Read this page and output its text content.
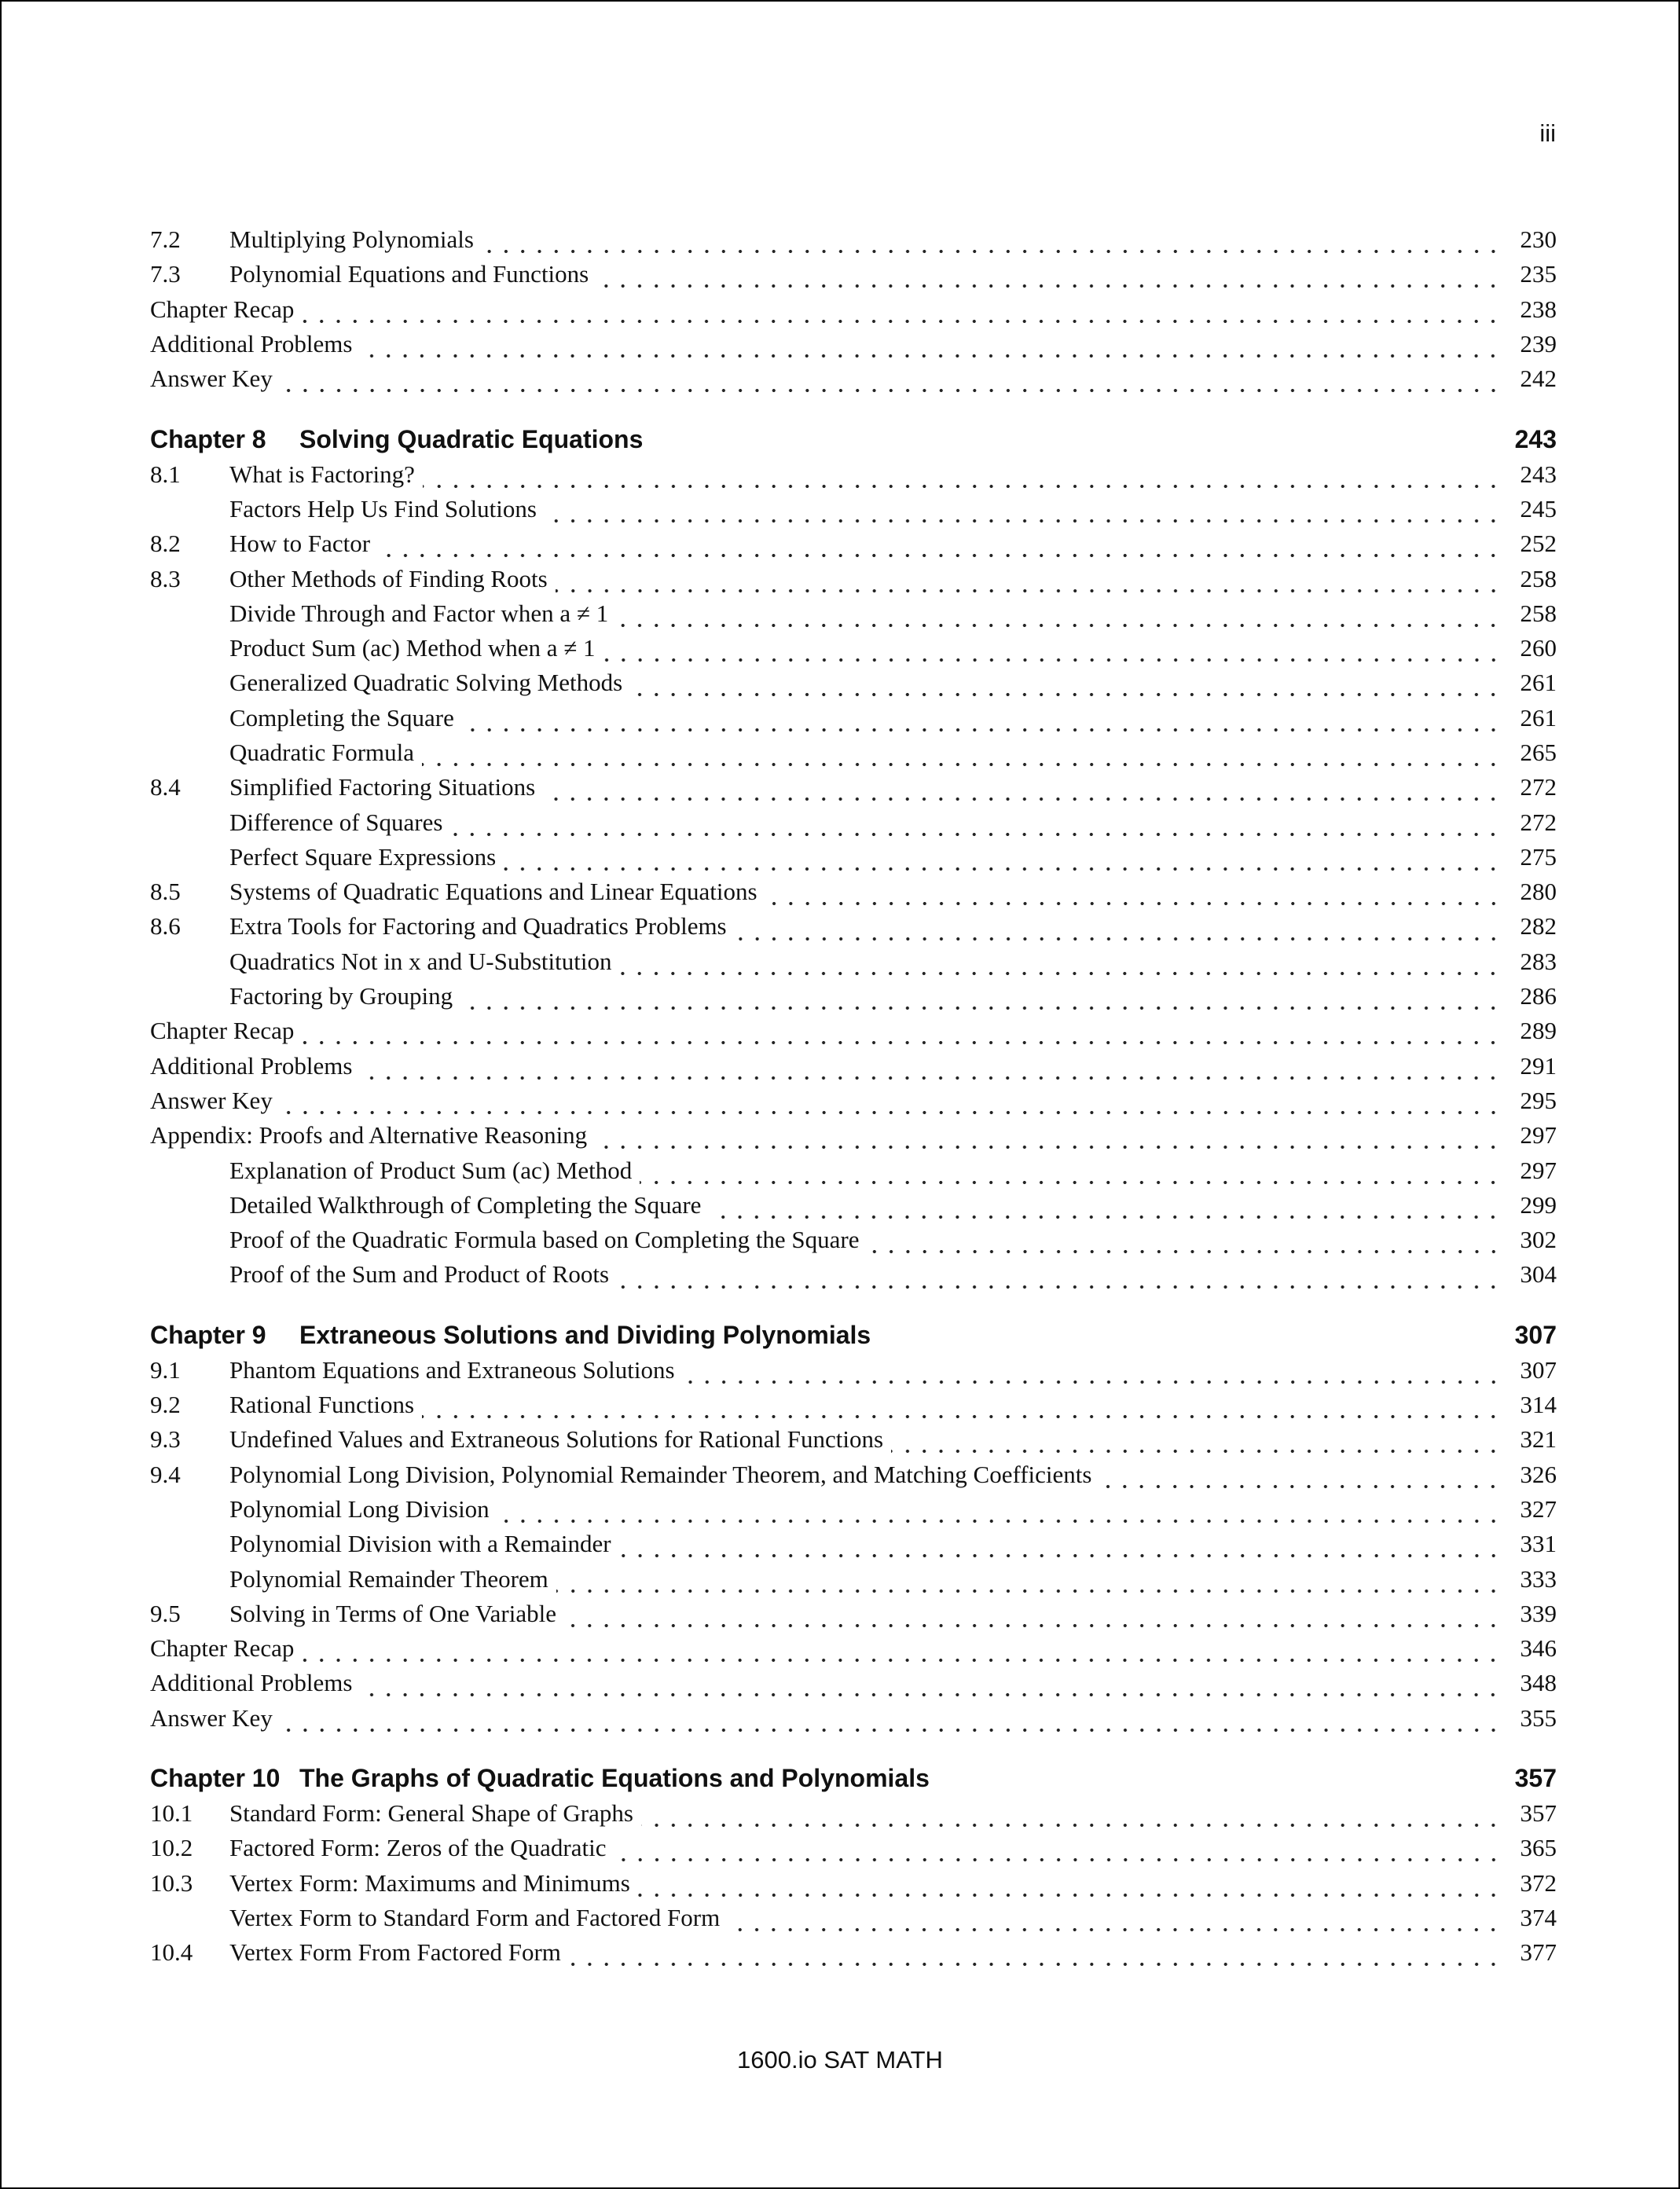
iii
7.2 Multiplying Polynomials	230
7.3 Polynomial Equations and Functions	235
Chapter Recap	238
Additional Problems	239
Answer Key	242
Chapter 8 Solving Quadratic Equations	243
8.1 What is Factoring?	243
Factors Help Us Find Solutions	245
8.2 How to Factor	252
8.3 Other Methods of Finding Roots	258
Divide Through and Factor when a ≠ 1	258
Product Sum (ac) Method when a ≠ 1	260
Generalized Quadratic Solving Methods	261
Completing the Square	261
Quadratic Formula	265
8.4 Simplified Factoring Situations	272
Difference of Squares	272
Perfect Square Expressions	275
8.5 Systems of Quadratic Equations and Linear Equations	280
8.6 Extra Tools for Factoring and Quadratics Problems	282
Quadratics Not in x and U-Substitution	283
Factoring by Grouping	286
Chapter Recap	289
Additional Problems	291
Answer Key	295
Appendix: Proofs and Alternative Reasoning	297
Explanation of Product Sum (ac) Method	297
Detailed Walkthrough of Completing the Square	299
Proof of the Quadratic Formula based on Completing the Square	302
Proof of the Sum and Product of Roots	304
Chapter 9 Extraneous Solutions and Dividing Polynomials	307
9.1 Phantom Equations and Extraneous Solutions	307
9.2 Rational Functions	314
9.3 Undefined Values and Extraneous Solutions for Rational Functions	321
9.4 Polynomial Long Division, Polynomial Remainder Theorem, and Matching Coefficients	326
Polynomial Long Division	327
Polynomial Division with a Remainder	331
Polynomial Remainder Theorem	333
9.5 Solving in Terms of One Variable	339
Chapter Recap	346
Additional Problems	348
Answer Key	355
Chapter 10 The Graphs of Quadratic Equations and Polynomials	357
10.1 Standard Form: General Shape of Graphs	357
10.2 Factored Form: Zeros of the Quadratic	365
10.3 Vertex Form: Maximums and Minimums	372
Vertex Form to Standard Form and Factored Form	374
10.4 Vertex Form From Factored Form	377
1600.io SAT MATH
